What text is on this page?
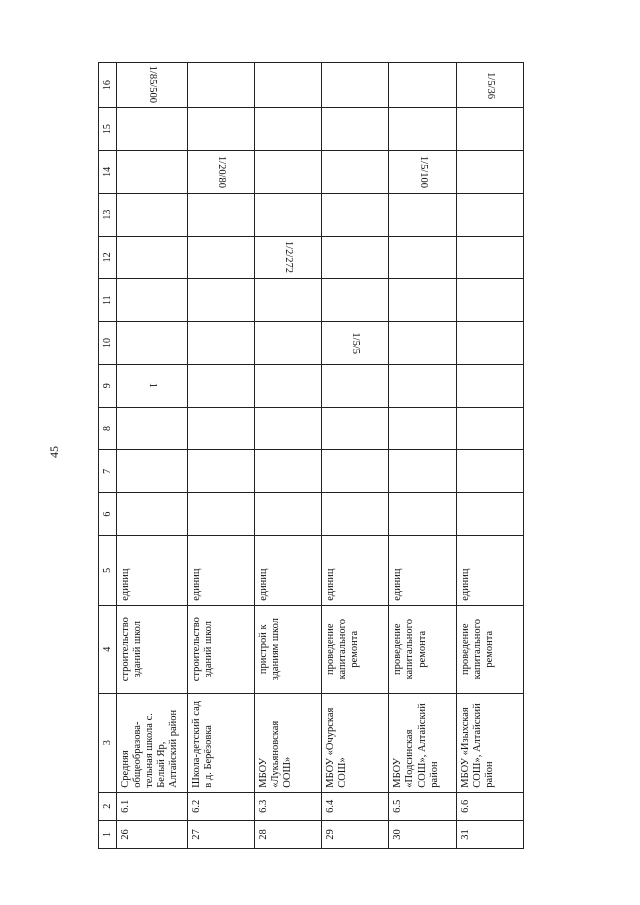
45
1	2	3	4	5	6	7	8	9	10	11	12	13	14	15	16
26	6.1	Средняя общеобразова-тельная школа с. Белый Яр, Алтайский район	строительство зданий школ	единиц				1							1/85/500
27	6.2	Школа-детский сад в д. Берёзовка	строительство зданий школ	единиц									1/20/80		
28	6.3	МБОУ «Лукьяновская ООШ»	пристрой к зданиям школ	единиц							1/2/272				
29	6.4	МБОУ «Очурская СОШ»	проведение капитального ремонта	единиц					1/5/5						
30	6.5	МБОУ «Подсинская СОШ», Алтайский район	проведение капитального ремонта	единиц									1/5/100		
31	6.6	МБОУ «Изыхская СОШ», Алтайский район	проведение капитального ремонта	единиц											1/5/36
